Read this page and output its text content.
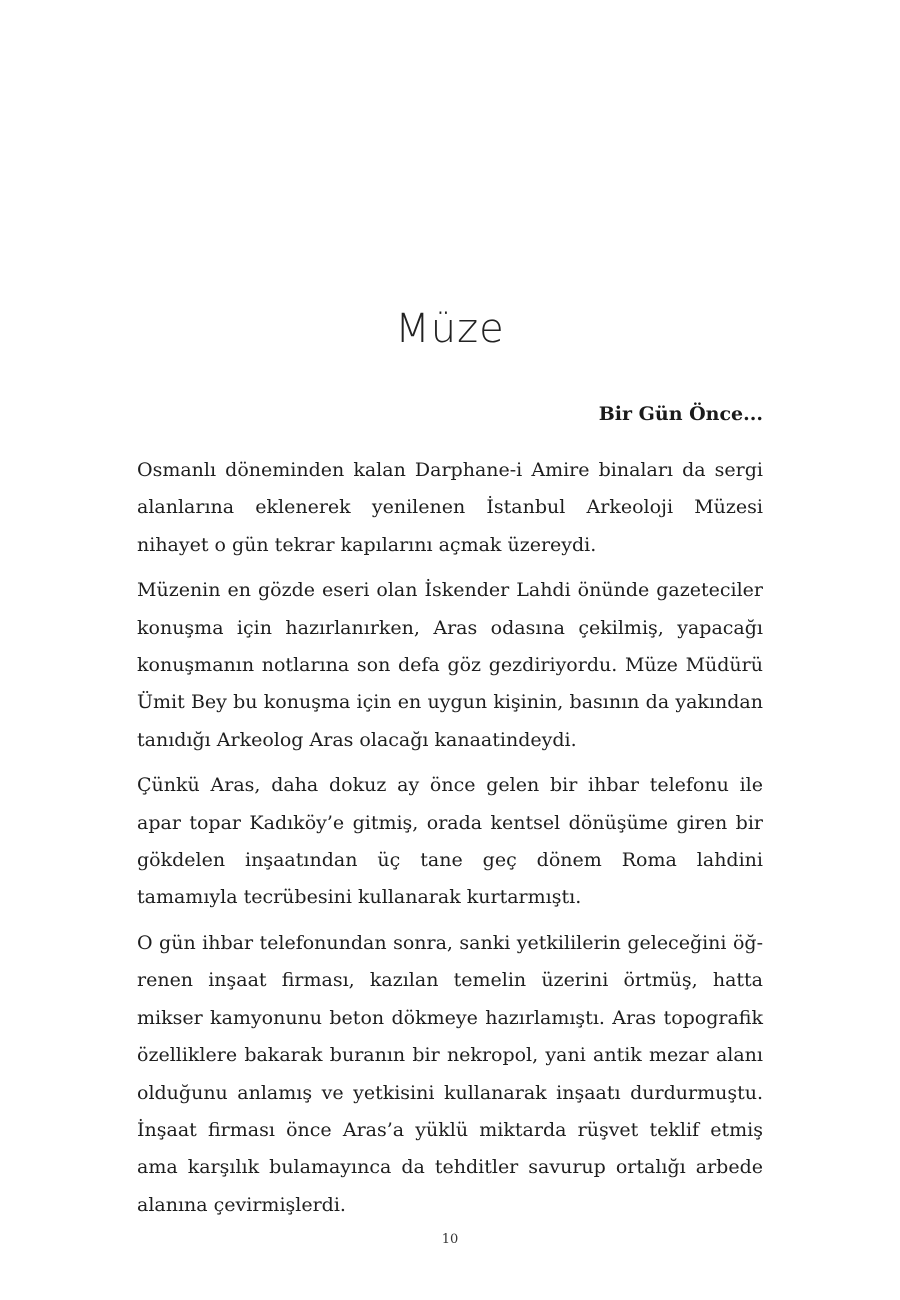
Müze
Bir Gün Önce...

Osmanlı döneminden kalan Darphane-i Amire binaları da sergi alanlarına eklenerek yenilenen İstanbul Arkeoloji Müzesi nihayet o gün tekrar kapılarını açmak üzereydi.

Müzenin en gözde eseri olan İskender Lahdi önünde gazeteciler konuşma için hazırlanırken, Aras odasına çekilmiş, yapacağı konuşmanın notlarına son defa göz gezdiriyordu. Müze Müdürü Ümit Bey bu konuşma için en uygun kişinin, basının da yakından tanıdığı Arkeolog Aras olacağı kanaatindeydi.

Çünkü Aras, daha dokuz ay önce gelen bir ihbar telefonu ile apar topar Kadıköy’e gitmiş, orada kentsel dönüşüme giren bir gökdelen inşaatından üç tane geç dönem Roma lahdini tamamıyla tecrübesini kullanarak kurtarmıştı.

O gün ihbar telefonundan sonra, sanki yetkililerin geleceğini öğrenen inşaat firması, kazılan temelin üzerini örtmüş, hatta mikser kamyonunu beton dökmeye hazırlamıştı. Aras topografik özelliklere bakarak buranın bir nekropol, yani antik mezar alanı olduğunu anlamış ve yetkisini kullanarak inşaatı durdurmuştu. İnşaat firması önce Aras’a yüklü miktarda rüşvet teklif etmiş ama karşılık bulamayınca da tehditler savurup ortalığı arbede alanına çevirmişlerdi.

10
